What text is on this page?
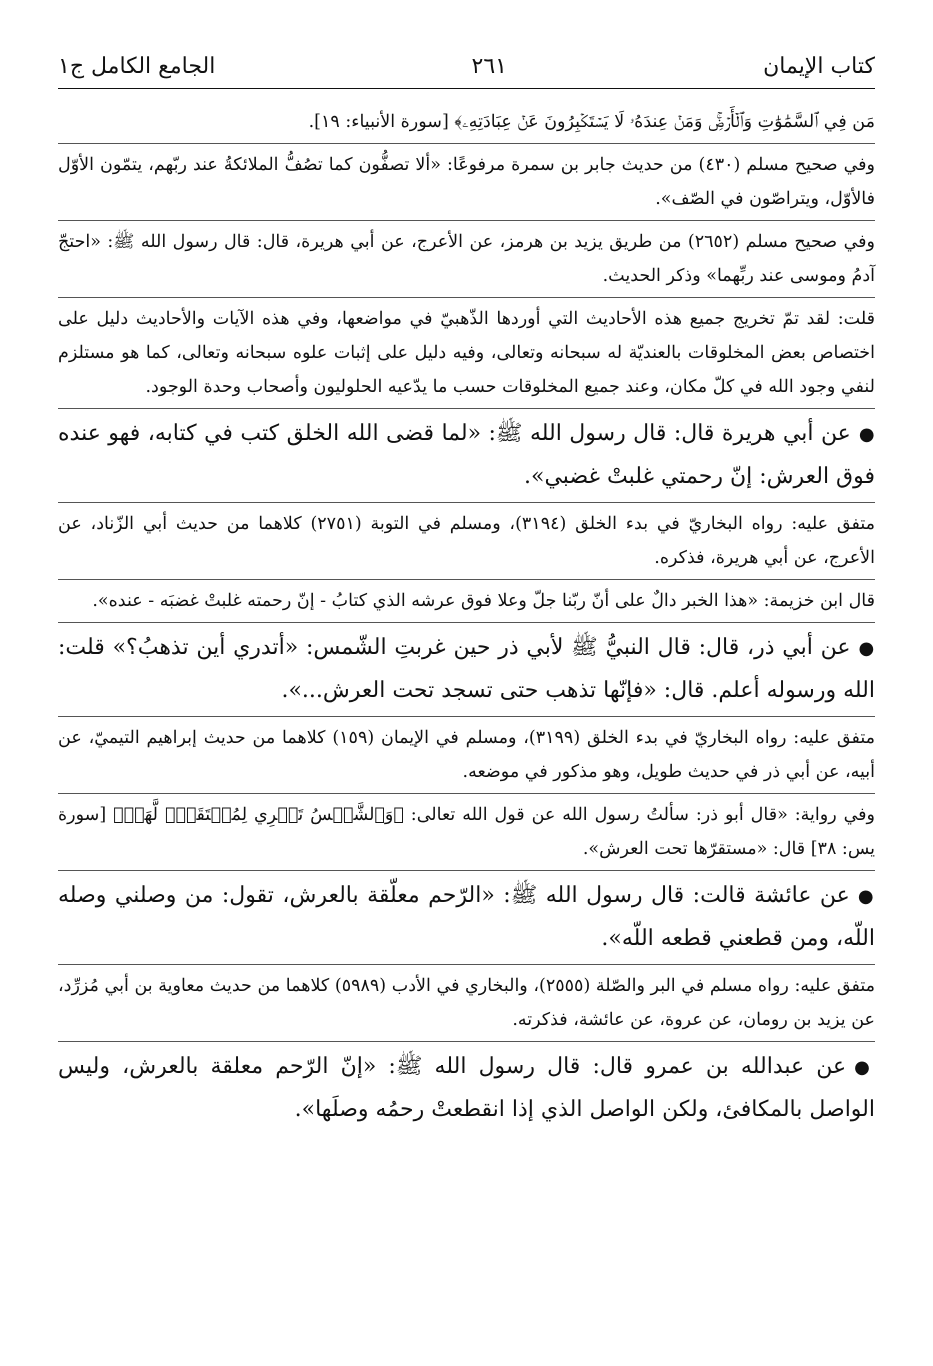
كتاب الإيمان
٢٦١
الجامع الكامل ج١

مَن فِي ٱلسَّمَٰوَٰتِ وَٱلۡأَرۡضِۚ وَمَنۡ عِندَهُۥ لَا يَسۡتَكۡبِرُونَ عَنۡ عِبَادَتِهِۦ﴾ [سورة الأنبياء: ١٩].

وفي صحيح مسلم (٤٣٠) من حديث جابر بن سمرة مرفوعًا: «ألا تصفُّون كما تصُفُّ الملائكةُ عند ربّهم، يتمّون الأوّل فالأوّل، ويتراصّون في الصّف».

وفي صحيح مسلم (٢٦٥٢) من طريق يزيد بن هرمز، عن الأعرج، عن أبي هريرة، قال: قال رسول الله ﷺ: «احتجّ آدمُ وموسى عند ربِّهما» وذكر الحديث.

قلت: لقد تمّ تخريج جميع هذه الأحاديث التي أوردها الذّهبيّ في مواضعها، وفي هذه الآيات والأحاديث دليل على اختصاص بعض المخلوقات بالعنديّة له سبحانه وتعالى، وفيه دليل على إثبات علوه سبحانه وتعالى، كما هو مستلزم لنفي وجود الله في كلّ مكان، وعند جميع المخلوقات حسب ما يدّعيه الحلوليون وأصحاب وحدة الوجود.

●عن أبي هريرة قال: قال رسول الله ﷺ: «لما قضى الله الخلق كتب في كتابه، فهو عنده فوق العرش: إنّ رحمتي غلبتْ غضبي».

متفق عليه: رواه البخاريّ في بدء الخلق (٣١٩٤)، ومسلم في التوبة (٢٧٥١) كلاهما من حديث أبي الزّناد، عن الأعرج، عن أبي هريرة، فذكره.

قال ابن خزيمة: «هذا الخبر دالٌ على أنّ ربّنا جلّ وعلا فوق عرشه الذي كتابُ - إنّ رحمته غلبتْ غضبَه - عنده».

●عن أبي ذر، قال: قال النبيُّ ﷺ لأبي ذر حين غربتِ الشّمس: «أتدري أين تذهبُ؟» قلت: الله ورسوله أعلم. قال: «فإنّها تذهب حتى تسجد تحت العرش...».

متفق عليه: رواه البخاريّ في بدء الخلق (٣١٩٩)، ومسلم في الإيمان (١٥٩) كلاهما من حديث إبراهيم التيميّ، عن أبيه، عن أبي ذر في حديث طويل، وهو مذكور في موضعه.

وفي رواية: «قال أبو ذر: سألتُ رسول الله عن قول الله تعالى: ﴿وَٱلشَّمۡسُ تَجۡرِي لِمُسۡتَقَرّٖ لَّهَاۚ﴾ [سورة يس: ٣٨] قال: «مستقرّها تحت العرش».

●عن عائشة قالت: قال رسول الله ﷺ: «الرّحم معلّقة بالعرش، تقول: من وصلني وصله اللّه، ومن قطعني قطعه اللّه».

متفق عليه: رواه مسلم في البر والصّلة (٢٥٥٥)، والبخاري في الأدب (٥٩٨٩) كلاهما من حديث معاوية بن أبي مُزرِّد، عن يزيد بن رومان، عن عروة، عن عائشة، فذكرته.

●عن عبدالله بن عمرو قال: قال رسول الله ﷺ: «إنّ الرّحم معلقة بالعرش، وليس الواصل بالمكافئ، ولكن الواصل الذي إذا انقطعتْ رحمُه وصلَها».
